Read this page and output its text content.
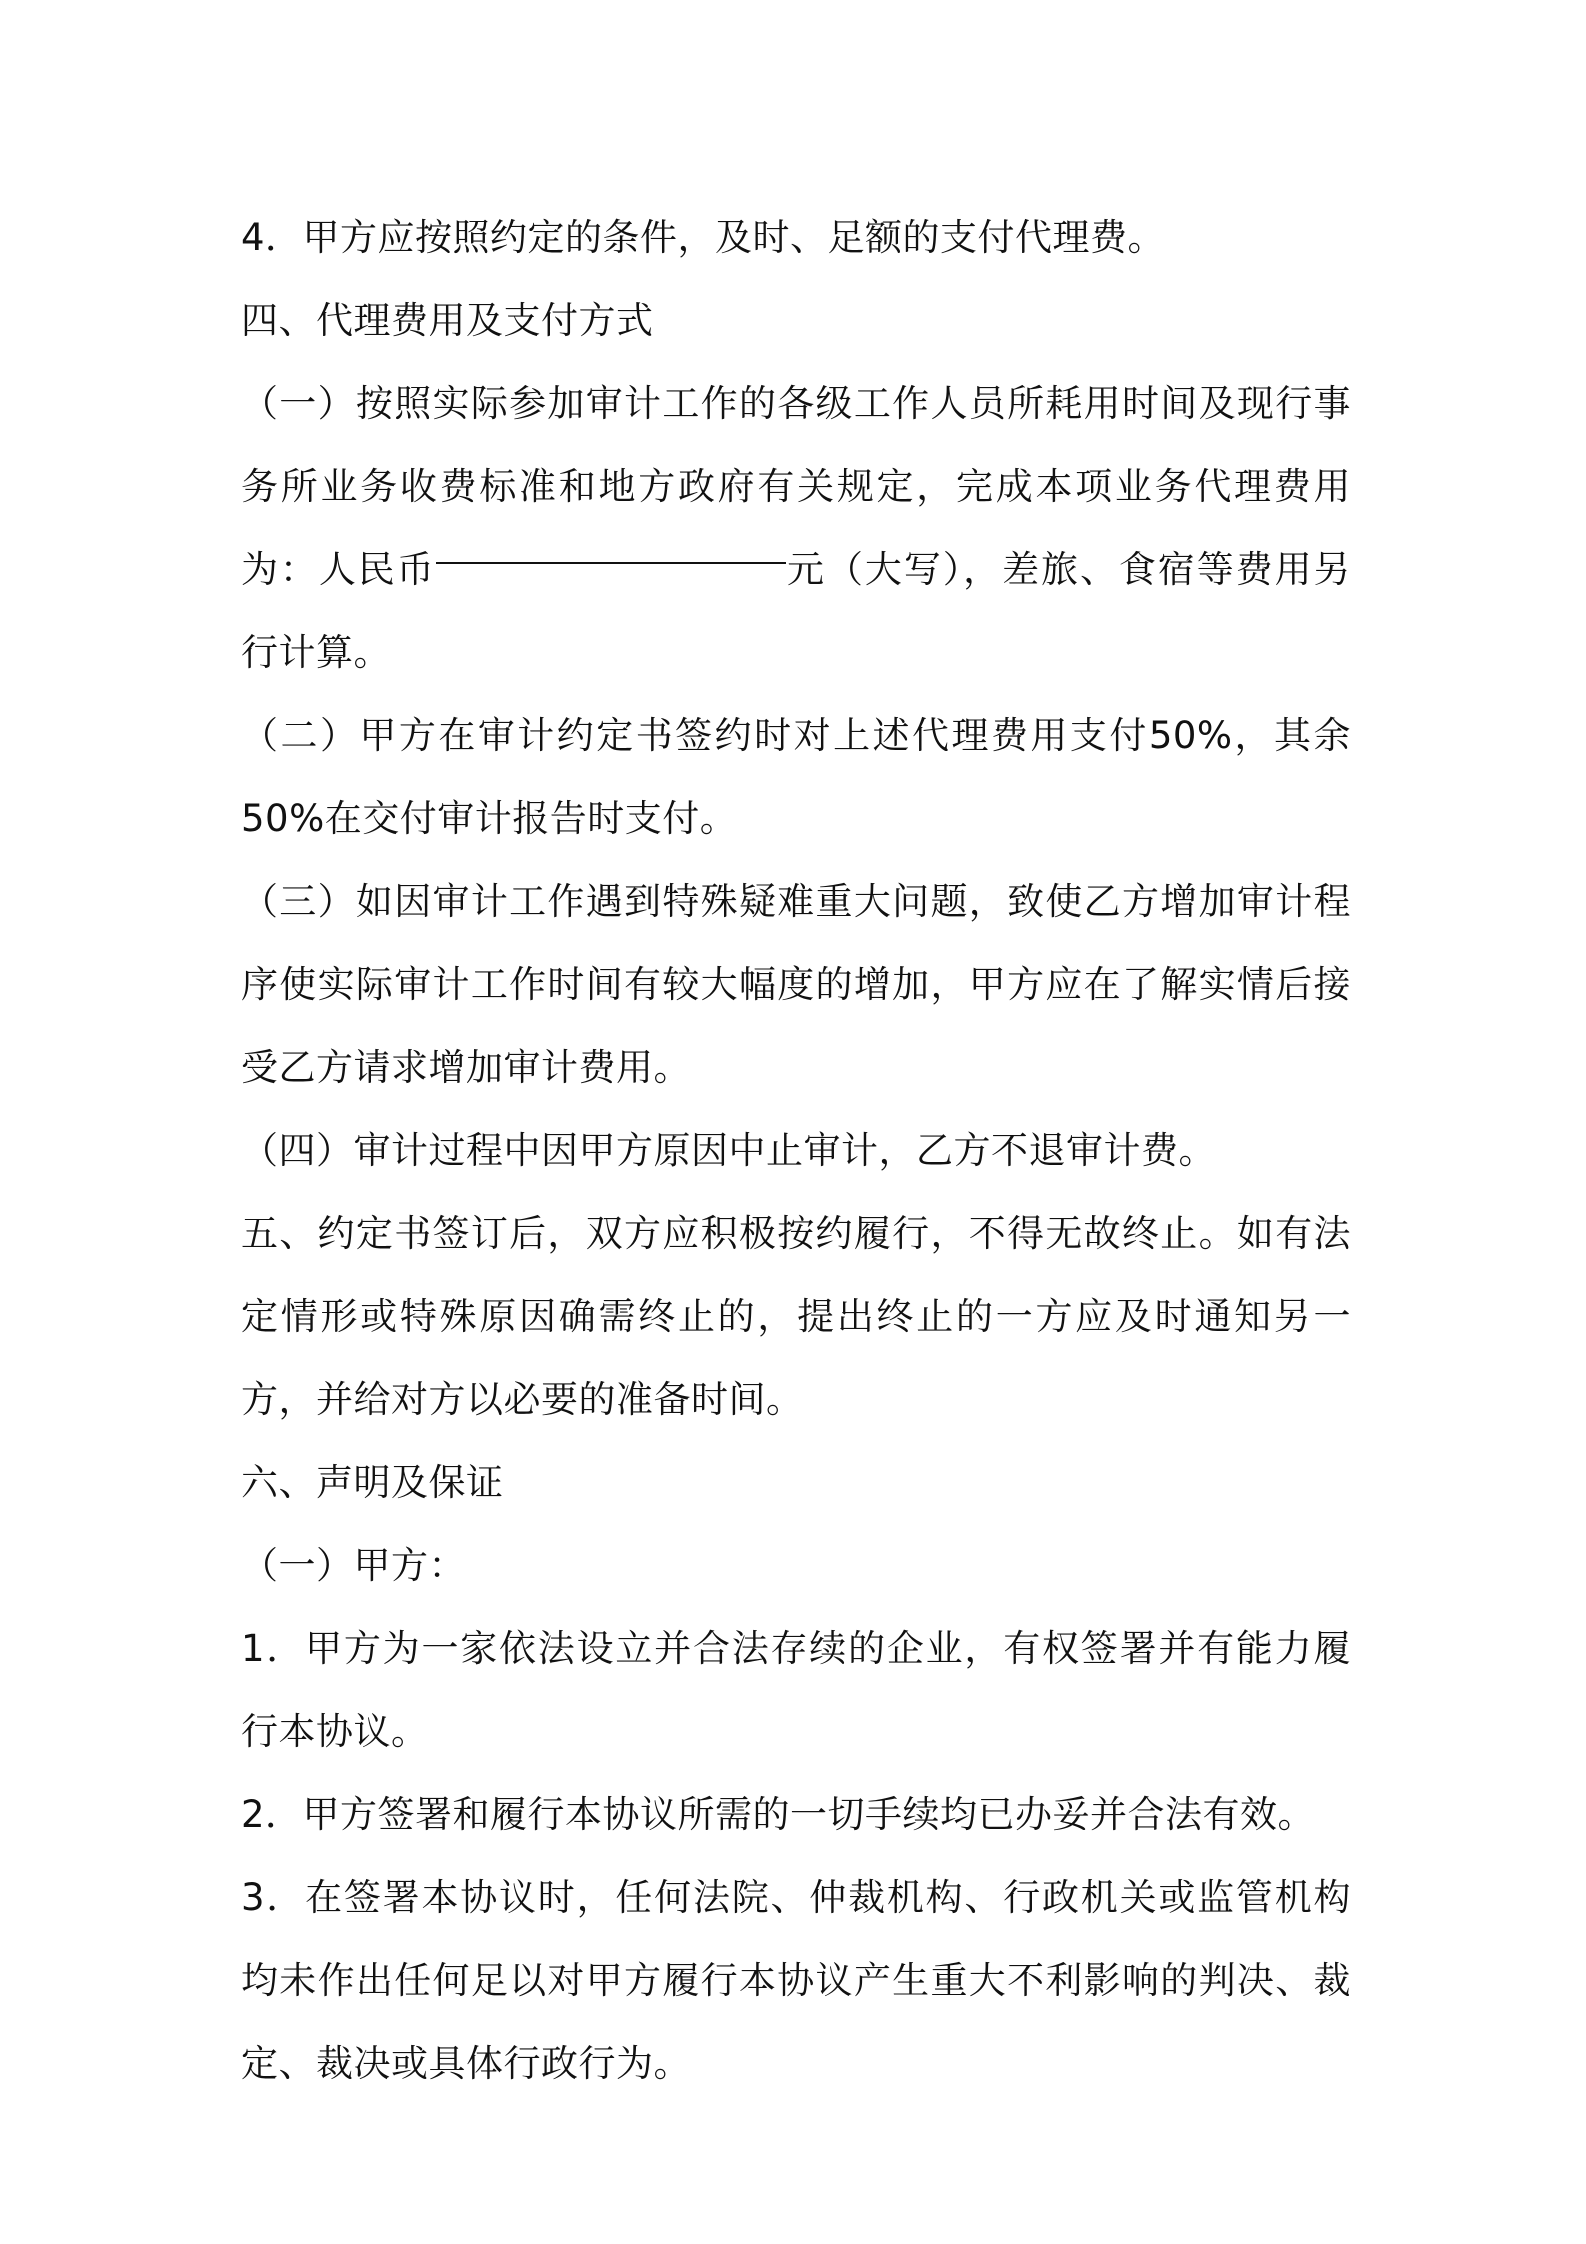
4．甲方应按照约定的条件，及时、足额的支付代理费。

四、代理费用及支付方式

（一）按照实际参加审计工作的各级工作人员所耗用时间及现行事务所业务收费标准和地方政府有关规定，完成本项业务代理费用为：人民币	元（大写），差旅、食宿等费用另行计算。

（二）甲方在审计约定书签约时对上述代理费用支付50%，其余50%在交付审计报告时支付。

（三）如因审计工作遇到特殊疑难重大问题，致使乙方增加审计程序使实际审计工作时间有较大幅度的增加，甲方应在了解实情后接受乙方请求增加审计费用。

（四）审计过程中因甲方原因中止审计，乙方不退审计费。

五、约定书签订后，双方应积极按约履行，不得无故终止。如有法定情形或特殊原因确需终止的，提出终止的一方应及时通知另一方，并给对方以必要的准备时间。

六、声明及保证

（一）甲方：

1．甲方为一家依法设立并合法存续的企业，有权签署并有能力履行本协议。

2．甲方签署和履行本协议所需的一切手续均已办妥并合法有效。

3．在签署本协议时，任何法院、仲裁机构、行政机关或监管机构均未作出任何足以对甲方履行本协议产生重大不利影响的判决、裁定、裁决或具体行政行为。
